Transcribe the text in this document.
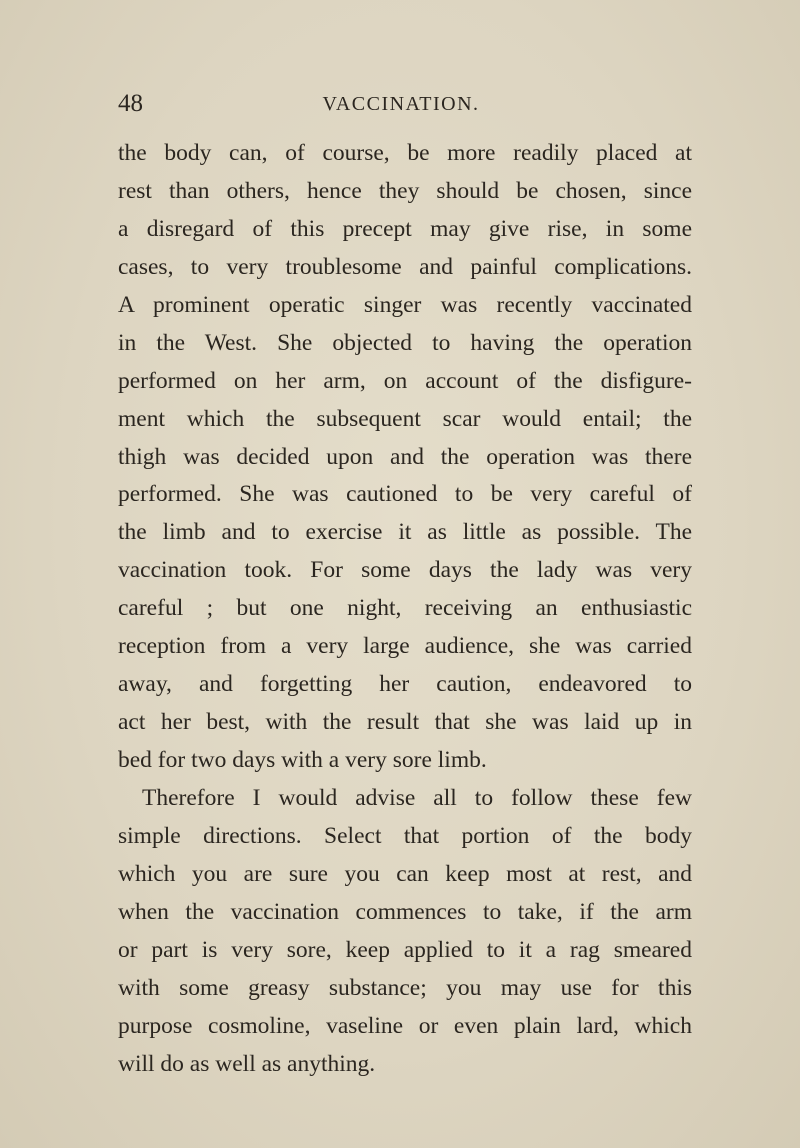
48	VACCINATION.
the body can, of course, be more readily placed at
rest than others, hence they should be chosen, since
a disregard of this precept may give rise, in some
cases, to very troublesome and painful complications.
A prominent operatic singer was recently vaccinated
in the West. She objected to having the operation
performed on her arm, on account of the disfigure-
ment which the subsequent scar would entail; the
thigh was decided upon and the operation was there
performed. She was cautioned to be very careful of
the limb and to exercise it as little as possible. The
vaccination took. For some days the lady was very
careful ; but one night, receiving an enthusiastic
reception from a very large audience, she was carried
away, and forgetting her caution, endeavored to
act her best, with the result that she was laid up in
bed for two days with a very sore limb.
Therefore I would advise all to follow these few
simple directions. Select that portion of the body
which you are sure you can keep most at rest, and
when the vaccination commences to take, if the arm
or part is very sore, keep applied to it a rag smeared
with some greasy substance; you may use for this
purpose cosmoline, vaseline or even plain lard, which
will do as well as anything.
